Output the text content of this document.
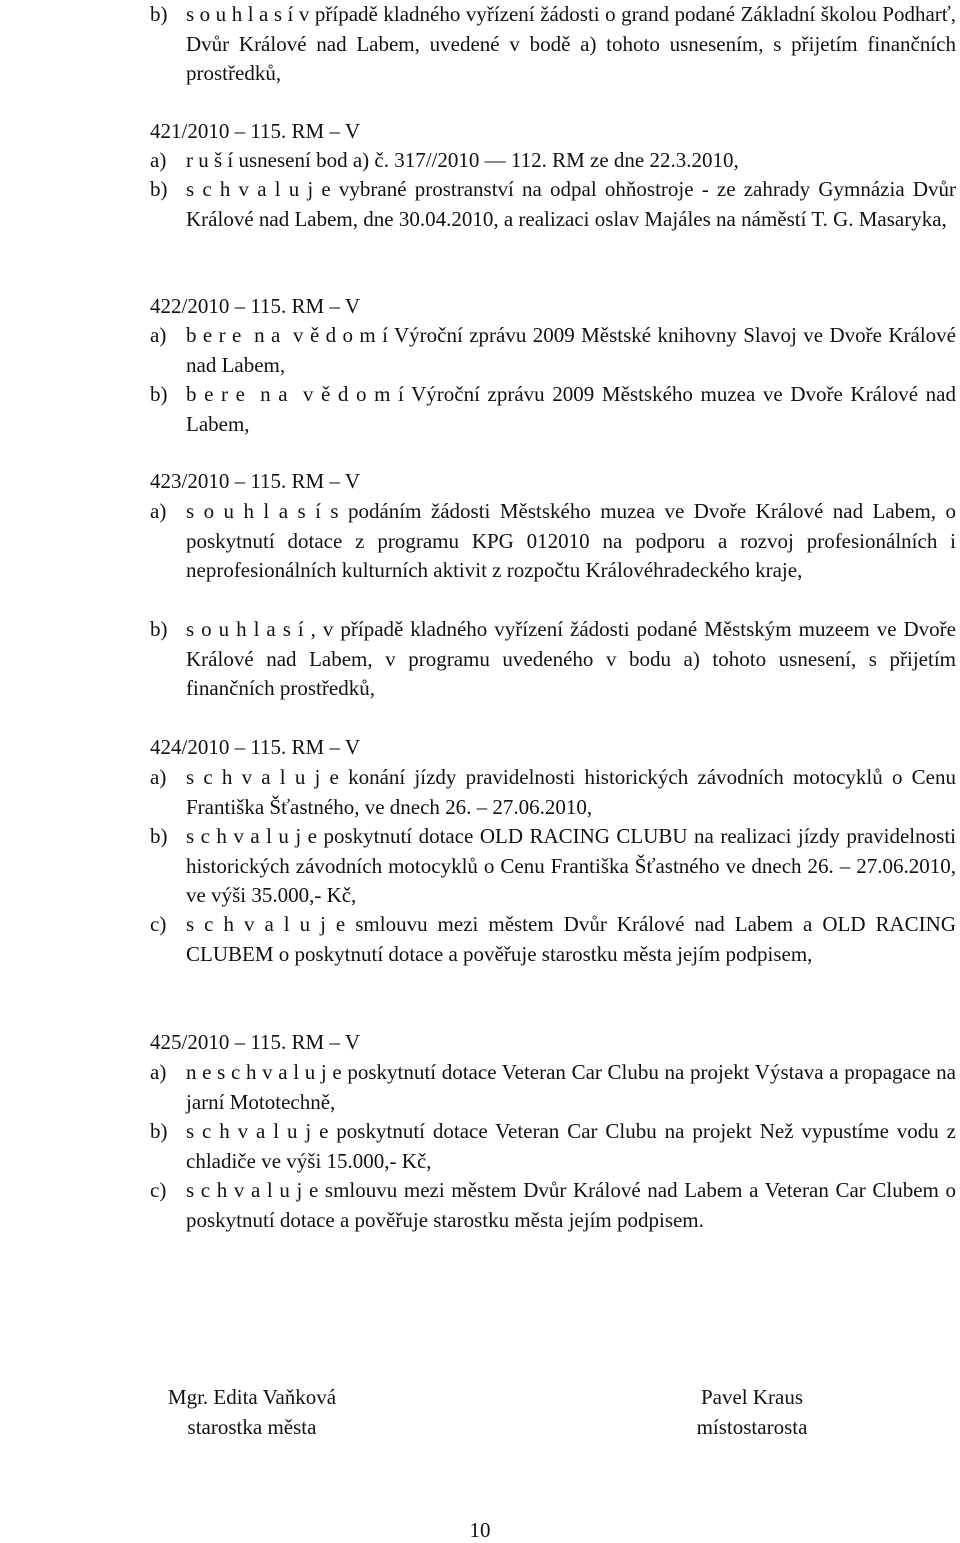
b) s o u h l a s í v případě kladného vyřízení žádosti o grand podané Základní školou Podharť, Dvůr Králové nad Labem, uvedené v bodě a) tohoto usnesením, s přijetím finančních prostředků,
421/2010 – 115. RM – V
a) r u š í usnesení bod a) č. 317//2010 — 112. RM ze dne 22.3.2010,
b) s c h v a l u j e vybrané prostranství na odpal ohňostroje - ze zahrady Gymnázia Dvůr Králové nad Labem, dne 30.04.2010, a realizaci oslav Majáles na náměstí T. G. Masaryka,
422/2010 – 115. RM – V
a) b e r e  n a  v ě d o m í Výroční zprávu 2009 Městské knihovny Slavoj ve Dvoře Králové nad Labem,
b) b e r e  n a  v ě d o m í Výroční zprávu 2009 Městského muzea ve Dvoře Králové nad Labem,
423/2010 – 115. RM – V
a) s o u h l a s í s podáním žádosti Městského muzea ve Dvoře Králové nad Labem, o poskytnutí dotace z programu KPG 012010 na podporu a rozvoj profesionálních i neprofesionálních kulturních aktivit z rozpočtu Královéhradeckého kraje,
b) s o u h l a s í , v případě kladného vyřízení žádosti podané Městským muzeem ve Dvoře Králové nad Labem, v programu uvedeného v bodu a) tohoto usnesení, s přijetím finančních prostředků,
424/2010 – 115. RM – V
a) s c h v a l u j e konání jízdy pravidelnosti historických závodních motocyklů o Cenu Františka Šťastného, ve dnech 26. – 27.06.2010,
b) s c h v a l u j e poskytnutí dotace OLD RACING CLUBU na realizaci jízdy pravidelnosti historických závodních motocyklů o Cenu Františka Šťastného ve dnech 26. – 27.06.2010, ve výši 35.000,- Kč,
c) s c h v a l u j e smlouvu mezi městem Dvůr Králové nad Labem a OLD RACING CLUBEM o poskytnutí dotace a pověřuje starostku města jejím podpisem,
425/2010 – 115. RM – V
a) n e s c h v a l u j e poskytnutí dotace Veteran Car Clubu na projekt Výstava a propagace na jarní Mototechně,
b) s c h v a l u j e poskytnutí dotace Veteran Car Clubu na projekt Než vypustíme vodu z chladiče ve výši 15.000,- Kč,
c) s c h v a l u j e smlouvu mezi městem Dvůr Králové nad Labem a Veteran Car Clubem o poskytnutí dotace a pověřuje starostku města jejím podpisem.
Mgr. Edita Vaňková
starostka města
Pavel Kraus
místostarosta
10
